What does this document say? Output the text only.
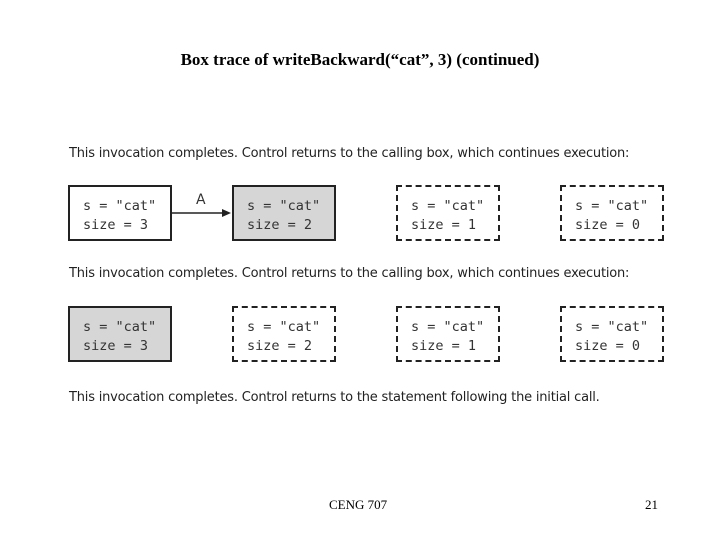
Box trace of writeBackward(“cat”, 3) (continued)
This invocation completes. Control returns to the calling box, which continues execution:
s = "cat"
size = 3
A	s = "cat"
size = 2
s = "cat"
size = 1
s = "cat"
size = 0
This invocation completes. Control returns to the calling box, which continues execution:
s = "cat"
size = 3
s = "cat"
size = 2
s = "cat"
size = 1
s = "cat"
size = 0
This invocation completes. Control returns to the statement following the initial call.
CENG 707	21
